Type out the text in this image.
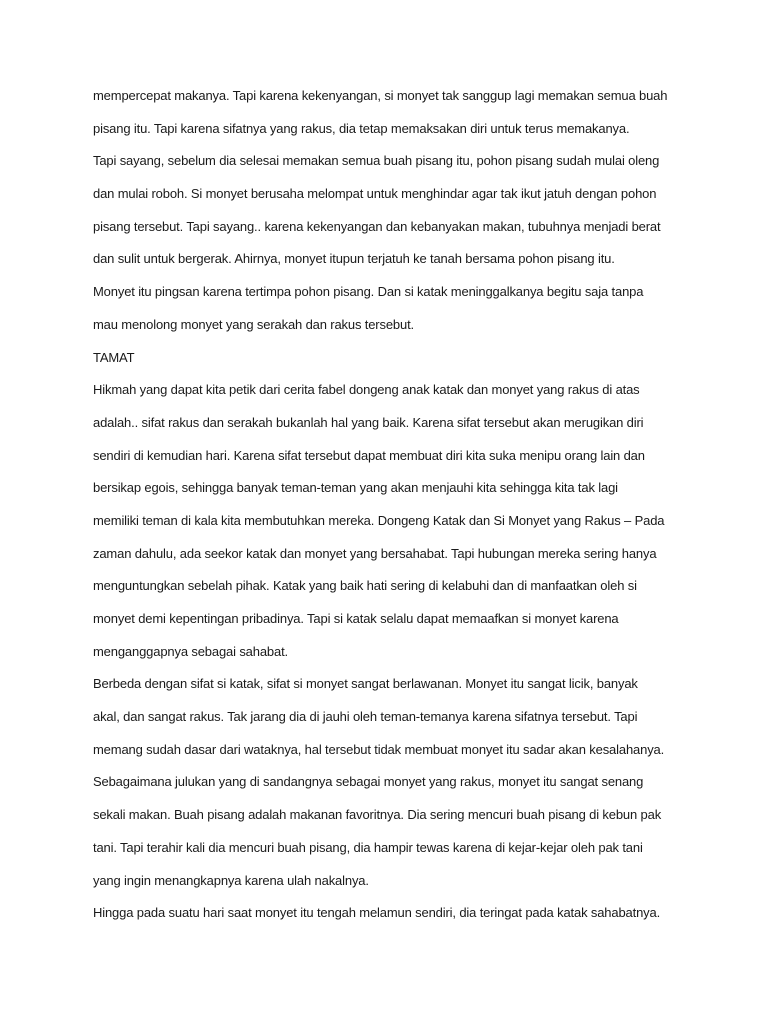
mempercepat makanya. Tapi karena kekenyangan, si monyet tak sanggup lagi memakan semua buah
pisang itu. Tapi karena sifatnya yang rakus, dia tetap memaksakan diri untuk terus memakanya.
Tapi sayang, sebelum dia selesai memakan semua buah pisang itu, pohon pisang sudah mulai oleng
dan mulai roboh. Si monyet berusaha melompat untuk menghindar agar tak ikut jatuh dengan pohon
pisang tersebut. Tapi sayang.. karena kekenyangan dan kebanyakan makan, tubuhnya menjadi berat
dan sulit untuk bergerak. Ahirnya, monyet itupun terjatuh ke tanah bersama pohon pisang itu.
Monyet itu pingsan karena tertimpa pohon pisang. Dan si katak meninggalkanya begitu saja tanpa
mau menolong monyet yang serakah dan rakus tersebut.
TAMAT
Hikmah yang dapat kita petik dari cerita fabel dongeng anak katak dan monyet yang rakus di atas
adalah.. sifat rakus dan serakah bukanlah hal yang baik. Karena sifat tersebut akan merugikan diri
sendiri di kemudian hari. Karena sifat tersebut dapat membuat diri kita suka menipu orang lain dan
bersikap egois, sehingga banyak teman-teman yang akan menjauhi kita sehingga kita tak lagi
memiliki teman di kala kita membutuhkan mereka. Dongeng Katak dan Si Monyet yang Rakus – Pada
zaman dahulu, ada seekor katak dan monyet yang bersahabat. Tapi hubungan mereka sering hanya
menguntungkan sebelah pihak. Katak yang baik hati sering di kelabuhi dan di manfaatkan oleh si
monyet demi kepentingan pribadinya. Tapi si katak selalu dapat memaafkan si monyet karena
menganggapnya sebagai sahabat.
Berbeda dengan sifat si katak, sifat si monyet sangat berlawanan. Monyet itu sangat licik, banyak
akal, dan sangat rakus. Tak jarang dia di jauhi oleh teman-temanya karena sifatnya tersebut. Tapi
memang sudah dasar dari wataknya, hal tersebut tidak membuat monyet itu sadar akan kesalahanya.
Sebagaimana julukan yang di sandangnya sebagai monyet yang rakus, monyet itu sangat senang
sekali makan. Buah pisang adalah makanan favoritnya. Dia sering mencuri buah pisang di kebun pak
tani. Tapi terahir kali dia mencuri buah pisang, dia hampir tewas karena di kejar-kejar oleh pak tani
yang ingin menangkapnya karena ulah nakalnya.
Hingga pada suatu hari saat monyet itu tengah melamun sendiri, dia teringat pada katak sahabatnya.
